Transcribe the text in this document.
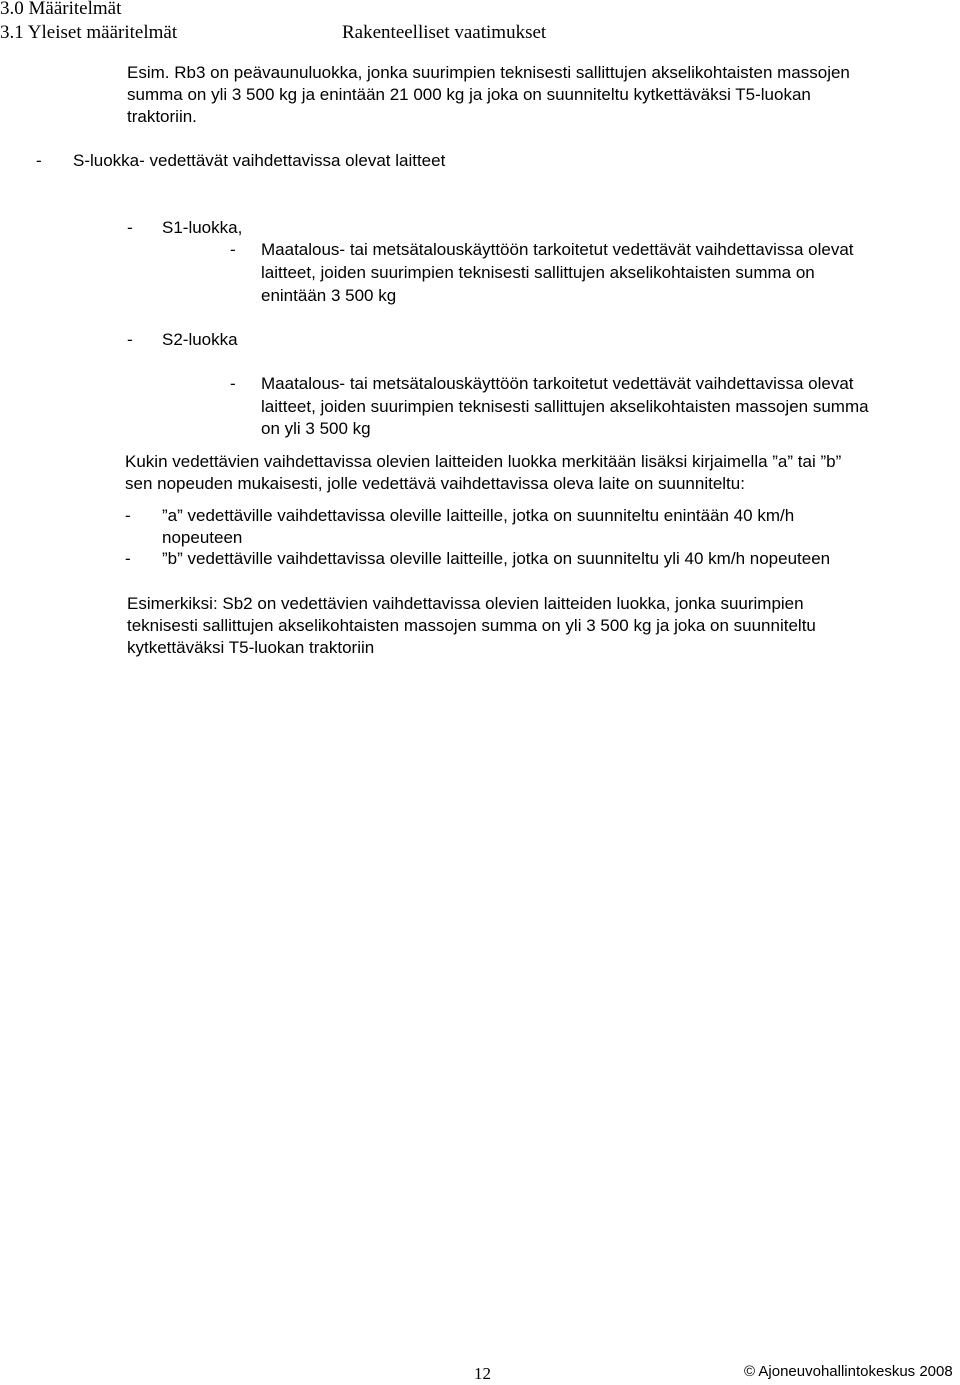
3.0 Määritelmät
3.1 Yleiset määritelmät	Rakenteelliset vaatimukset
Esim. Rb3 on peävaunuluokka, jonka suurimpien teknisesti sallittujen akselikohtaisten massojen
summa on yli 3 500 kg ja enintään 21 000 kg ja joka on suunniteltu kytkettäväksi T5-luokan
traktoriin.
- S-luokka- vedettävät vaihdettavissa olevat laitteet
- S1-luokka,
- Maatalous- tai metsätalouskäyttöön tarkoitetut vedettävät vaihdettavissa olevat
laitteet, joiden suurimpien teknisesti sallittujen akselikohtaisten summa on
enintään 3 500 kg
- S2-luokka
- Maatalous- tai metsätalouskäyttöön tarkoitetut vedettävät vaihdettavissa olevat
laitteet, joiden suurimpien teknisesti sallittujen akselikohtaisten massojen summa
on yli 3 500 kg
Kukin vedettävien vaihdettavissa olevien laitteiden luokka merkitään lisäksi kirjaimella ”a” tai ”b”
sen nopeuden mukaisesti, jolle vedettävä vaihdettavissa oleva laite on suunniteltu:
- ”a” vedettäville vaihdettavissa oleville laitteille, jotka on suunniteltu enintään 40 km/h
nopeuteen
- ”b” vedettäville vaihdettavissa oleville laitteille, jotka on suunniteltu yli 40 km/h nopeuteen
Esimerkiksi: Sb2 on vedettävien vaihdettavissa olevien laitteiden luokka, jonka suurimpien
teknisesti sallittujen akselikohtaisten massojen summa on yli 3 500 kg ja joka on suunniteltu
kytkettäväksi T5-luokan traktoriin
12	© Ajoneuvohallintokeskus 2008
